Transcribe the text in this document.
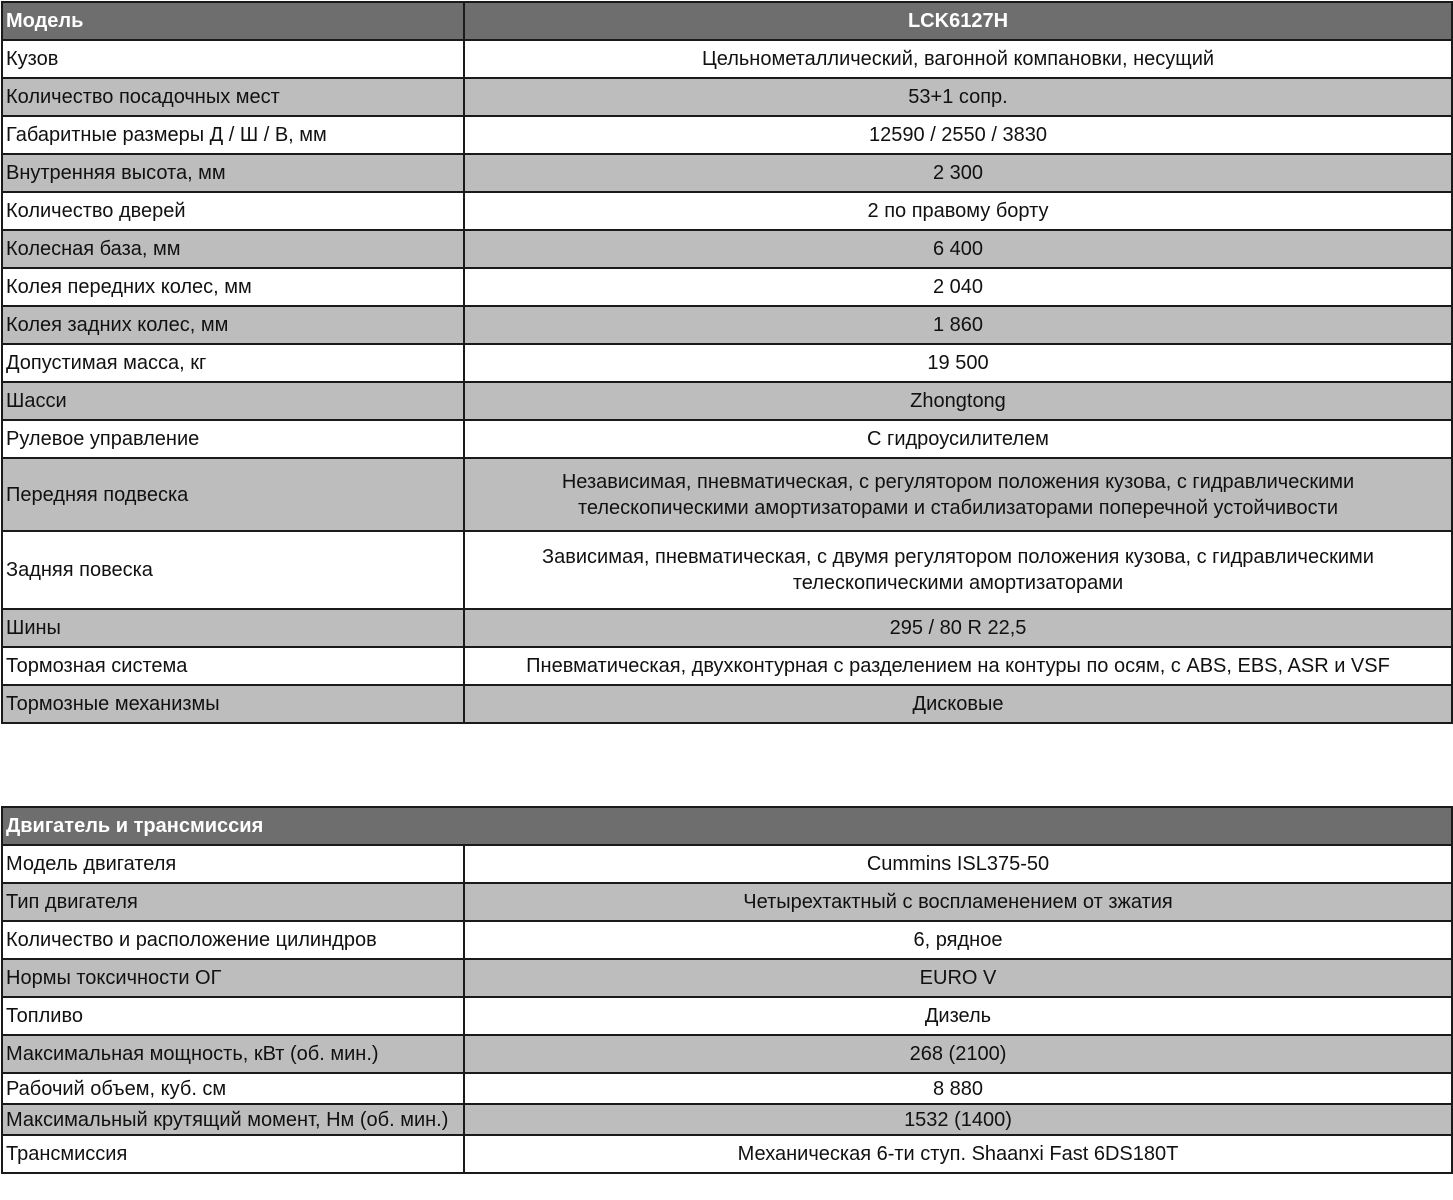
Модель	LCK6127H
Кузов	Цельнометаллический, вагонной компановки, несущий
Количество посадочных мест	53+1 сопр.
Габаритные размеры Д / Ш / В, мм	12590 / 2550 / 3830
Внутренняя высота, мм	2 300
Количество дверей	2 по правому борту
Колесная база, мм	6 400
Колея передних колес, мм	2 040
Колея задних колес, мм	1 860
Допустимая масса, кг	19 500
Шасси	Zhongtong
Рулевое управление	С гидроусилителем
Передняя подвеска	Независимая, пневматическая, с регулятором положения кузова, с гидравлическими телескопическими амортизаторами и стабилизаторами поперечной устойчивости
Задняя повеска	Зависимая, пневматическая, с двумя регулятором положения кузова, с гидравлическими телескопическими амортизаторами
Шины	295 / 80 R 22,5
Тормозная система	Пневматическая, двухконтурная с разделением на контуры по осям, с ABS, EBS, ASR и VSF
Тормозные механизмы	Дисковые
Двигатель и трансмиссия	
Модель двигателя	Cummins ISL375-50
Тип двигателя	Четырехтактный с воспламенением от зжатия
Количество и расположение цилиндров	6, рядное
Нормы токсичности ОГ	EURO V
Топливо	Дизель
Максимальная мощность, кВт (об. мин.)	268 (2100)
Рабочий объем, куб. см	8 880
Максимальный крутящий момент, Нм (об. мин.)	1532 (1400)
Трансмиссия	Механическая 6-ти ступ. Shaanxi Fast 6DS180T
